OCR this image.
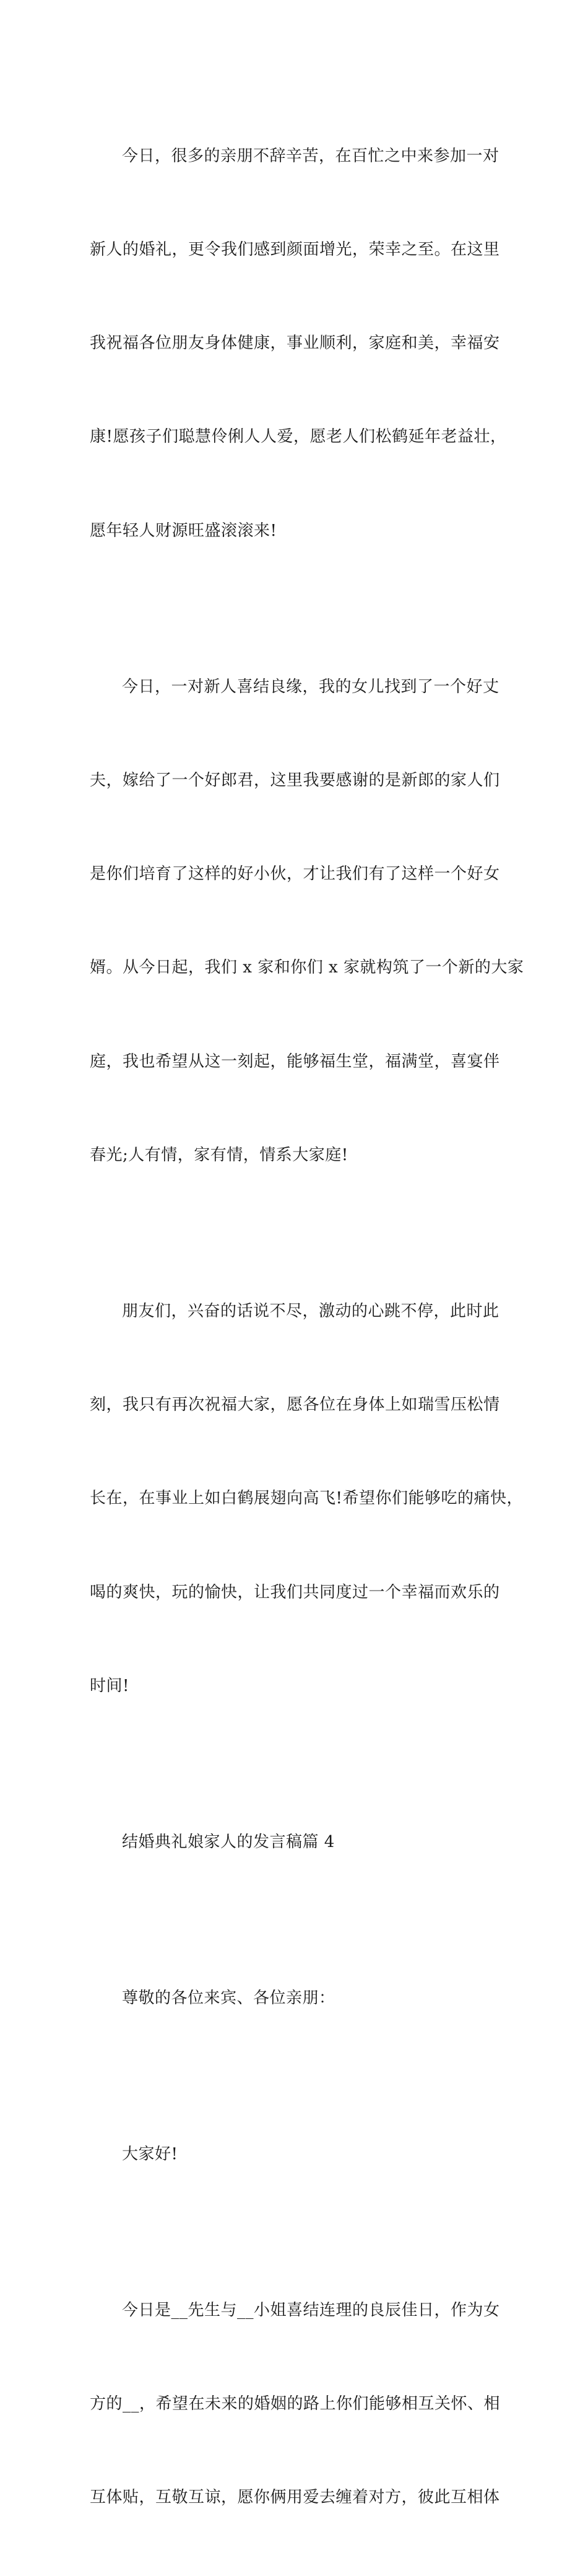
今日，很多的亲朋不辞辛苦，在百忙之中来参加一对

新人的婚礼，更令我们感到颜面增光，荣幸之至。在这里

我祝福各位朋友身体健康，事业顺利，家庭和美，幸福安

康!愿孩子们聪慧伶俐人人爱，愿老人们松鹤延年老益壮，

愿年轻人财源旺盛滚滚来!

今日，一对新人喜结良缘，我的女儿找到了一个好丈

夫，嫁给了一个好郎君，这里我要感谢的是新郎的家人们

是你们培育了这样的好小伙，才让我们有了这样一个好女

婿。从今日起，我们 x 家和你们 x 家就构筑了一个新的大家

庭，我也希望从这一刻起，能够福生堂，福满堂，喜宴伴

春光;人有情，家有情，情系大家庭!

朋友们，兴奋的话说不尽，激动的心跳不停，此时此

刻，我只有再次祝福大家，愿各位在身体上如瑞雪压松情

长在，在事业上如白鹤展翅向高飞!希望你们能够吃的痛快，

喝的爽快，玩的愉快，让我们共同度过一个幸福而欢乐的

时间!

结婚典礼娘家人的发言稿篇 4

尊敬的各位来宾、各位亲朋：

大家好!

今日是__先生与__小姐喜结连理的良辰佳日，作为女

方的__，希望在未来的婚姻的路上你们能够相互关怀、相

互体贴，互敬互谅，愿你俩用爱去缠着对方，彼此互相体
